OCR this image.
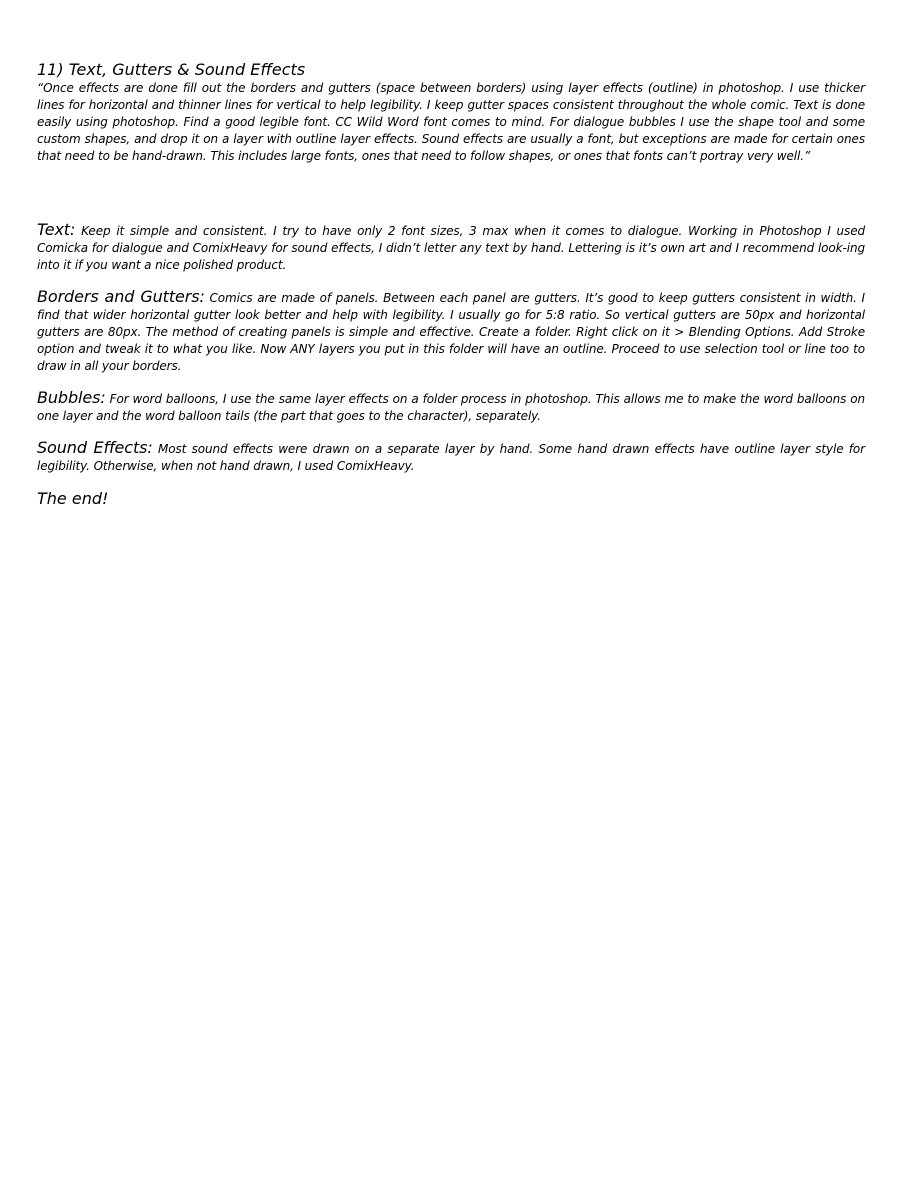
11) Text, Gutters & Sound Effects

“Once effects are done fill out the borders and gutters (space between borders) using layer effects (outline) in photoshop. I use thicker lines for horizontal and thinner lines for vertical to help legibility. I keep gutter spaces consistent throughout the whole comic. Text is done easily using photoshop. Find a good legible font. CC Wild Word font comes to mind. For dialogue bubbles I use the shape tool and some custom shapes, and drop it on a layer with outline layer effects. Sound effects are usually a font, but exceptions are made for certain ones that need to be hand-drawn. This includes large fonts, ones that need to follow shapes, or ones that fonts can’t portray very well.”

Text: Keep it simple and consistent. I try to have only 2 font sizes, 3 max when it comes to dialogue. Working in Photoshop I used Comicka for dialogue and ComixHeavy for sound effects, I didn’t letter any text by hand. Lettering is it’s own art and I recommend look-ing into it if you want a nice polished product.

Borders and Gutters: Comics are made of panels. Between each panel are gutters. It’s good to keep gutters consistent in width. I find that wider horizontal gutter look better and help with legibility. I usually go for 5:8 ratio. So vertical gutters are 50px and horizontal gutters are 80px. The method of creating panels is simple and effective. Create a folder. Right click on it > Blending Options. Add Stroke option and tweak it to what you like. Now ANY layers you put in this folder will have an outline. Proceed to use selection tool or line too to draw in all your borders.

Bubbles: For word balloons, I use the same layer effects on a folder process in photoshop. This allows me to make the word balloons on one layer and the word balloon tails (the part that goes to the character), separately.

Sound Effects: Most sound effects were drawn on a separate layer by hand. Some hand drawn effects have outline layer style for legibility. Otherwise, when not hand drawn, I used ComixHeavy.

The end!
